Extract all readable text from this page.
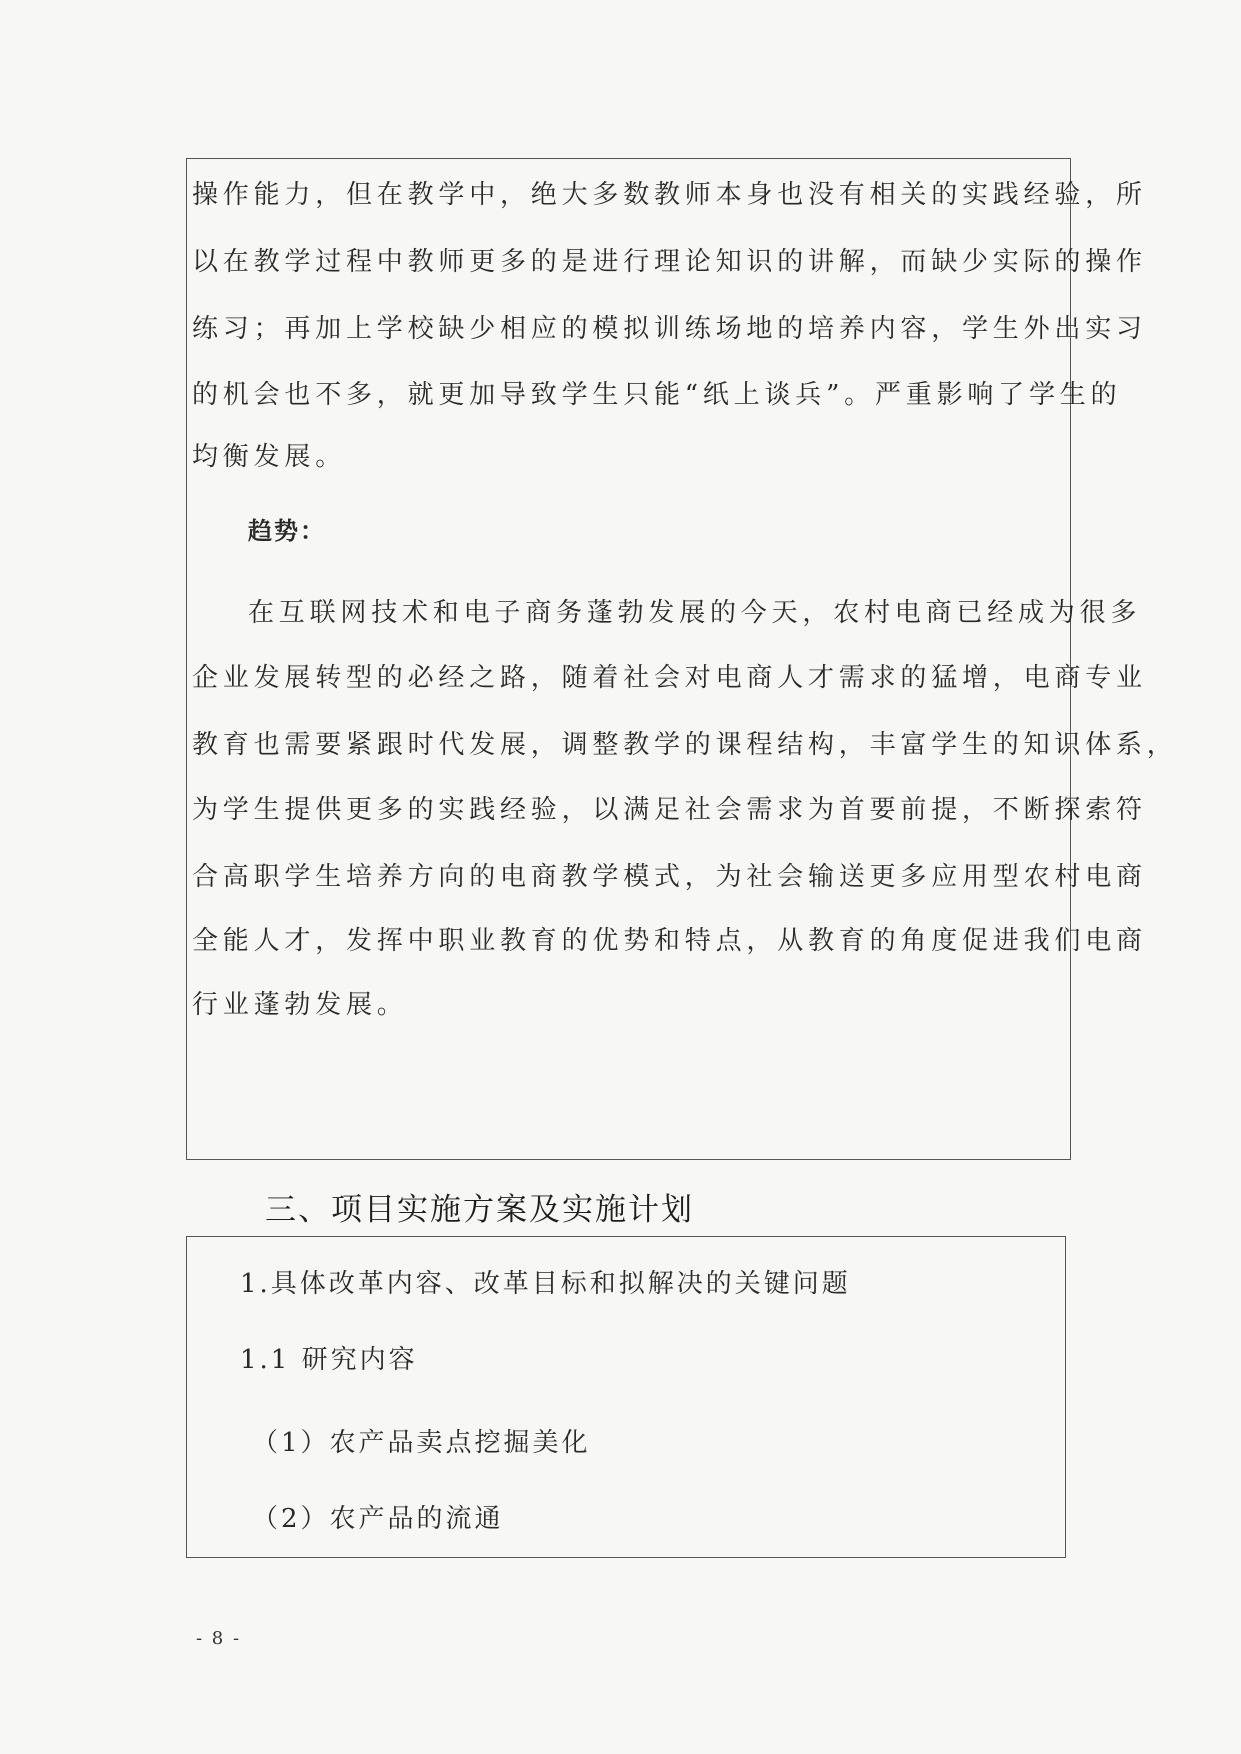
操作能力，但在教学中，绝大多数教师本身也没有相关的实践经验，所
以在教学过程中教师更多的是进行理论知识的讲解，而缺少实际的操作
练习；再加上学校缺少相应的模拟训练场地的培养内容，学生外出实习
的机会也不多，就更加导致学生只能“纸上谈兵”。严重影响了学生的
均衡发展。
趋势：
在互联网技术和电子商务蓬勃发展的今天，农村电商已经成为很多
企业发展转型的必经之路，随着社会对电商人才需求的猛增，电商专业
教育也需要紧跟时代发展，调整教学的课程结构，丰富学生的知识体系，
为学生提供更多的实践经验，以满足社会需求为首要前提，不断探索符
合高职学生培养方向的电商教学模式，为社会输送更多应用型农村电商
全能人才，发挥中职业教育的优势和特点，从教育的角度促进我们电商
行业蓬勃发展。
三、项目实施方案及实施计划
1.具体改革内容、改革目标和拟解决的关键问题
1.1 研究内容
（1）农产品卖点挖掘美化
（2）农产品的流通
- 8 -
